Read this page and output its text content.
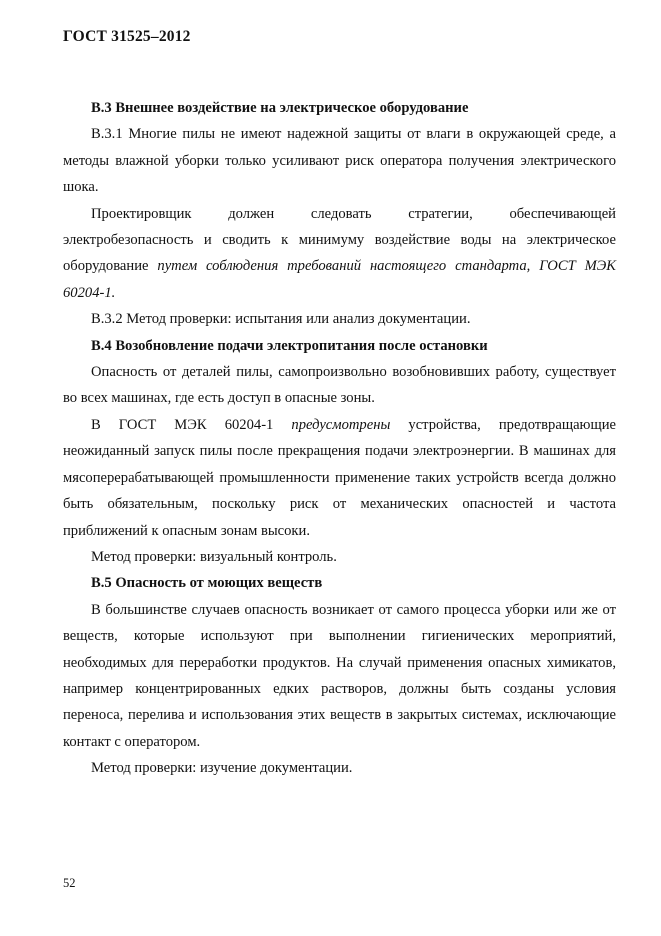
ГОСТ 31525–2012

В.3 Внешнее воздействие на электрическое оборудование

В.3.1 Многие пилы не имеют надежной защиты от влаги в окружающей среде, а методы влажной уборки только усиливают риск оператора получения электрического шока.

Проектировщик должен следовать стратегии, обеспечивающей электробезопасность и сводить к минимуму воздействие воды на электрическое оборудование путем соблюдения требований настоящего стандарта, ГОСТ МЭК 60204-1.

В.3.2 Метод проверки: испытания или анализ документации.

В.4 Возобновление подачи электропитания после остановки

Опасность от деталей пилы, самопроизвольно возобновивших работу, существует во всех машинах, где есть доступ в опасные зоны.

В ГОСТ МЭК 60204-1 предусмотрены устройства, предотвращающие неожиданный запуск пилы после прекращения подачи электроэнергии. В машинах для мясоперерабатывающей промышленности применение таких устройств всегда должно быть обязательным, поскольку риск от механических опасностей и частота приближений к опасным зонам высоки.

Метод проверки: визуальный контроль.

В.5 Опасность от моющих веществ

В большинстве случаев опасность возникает от самого процесса уборки или же от веществ, которые используют при выполнении гигиенических мероприятий, необходимых для переработки продуктов. На случай применения опасных химикатов, например концентрированных едких растворов, должны быть созданы условия переноса, перелива и использования этих веществ в закрытых системах, исключающие контакт с оператором.

Метод проверки: изучение документации.

52
